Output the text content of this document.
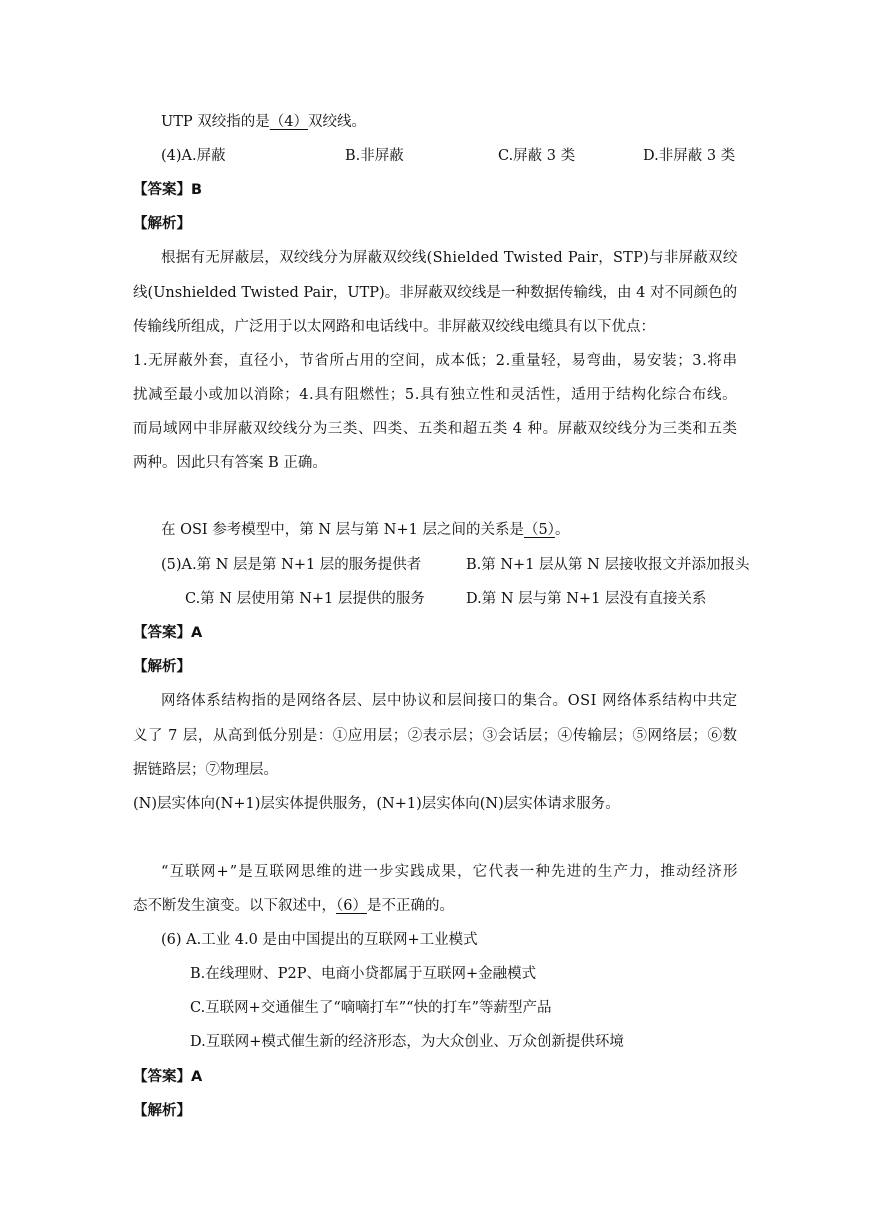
UTP 双绞指的是（4）双绞线。
(4)A.屏蔽	B.非屏蔽	C.屏蔽 3 类	D.非屏蔽 3 类
【答案】B
【解析】
根据有无屏蔽层，双绞线分为屏蔽双绞线(Shielded Twisted Pair，STP)与非屏蔽双绞
线(Unshielded Twisted Pair，UTP)。非屏蔽双绞线是一种数据传输线，由 4 对不同颜色的
传输线所组成，广泛用于以太网路和电话线中。非屏蔽双绞线电缆具有以下优点：
1.无屏蔽外套，直径小，节省所占用的空间，成本低；2.重量轻，易弯曲，易安装；3.将串
扰减至最小或加以消除；4.具有阻燃性；5.具有独立性和灵活性，适用于结构化综合布线。
而局域网中非屏蔽双绞线分为三类、四类、五类和超五类 4 种。屏蔽双绞线分为三类和五类
两种。因此只有答案 B 正确。
在 OSI 参考模型中，第 N 层与第 N+1 层之间的关系是（5）。
(5)A.第 N 层是第 N+1 层的服务提供者	B.第 N+1 层从第 N 层接收报文并添加报头
C.第 N 层使用第 N+1 层提供的服务	D.第 N 层与第 N+1 层没有直接关系
【答案】A
【解析】
网络体系结构指的是网络各层、层中协议和层间接口的集合。OSI 网络体系结构中共定
义了 7 层，从高到低分别是：①应用层；②表示层；③会话层；④传输层；⑤网络层；⑥数
据链路层；⑦物理层。
(N)层实体向(N+1)层实体提供服务，(N+1)层实体向(N)层实体请求服务。
“互联网+”是互联网思维的进一步实践成果，它代表一种先进的生产力，推动经济形
态不断发生演变。以下叙述中，（6）是不正确的。
(6) A.工业 4.0 是由中国提出的互联网+工业模式
B.在线理财、P2P、电商小贷都属于互联网+金融模式
C.互联网+交通催生了“嘀嘀打车”“快的打车”等薪型产品
D.互联网+模式催生新的经济形态，为大众创业、万众创新提供环境
【答案】A
【解析】
